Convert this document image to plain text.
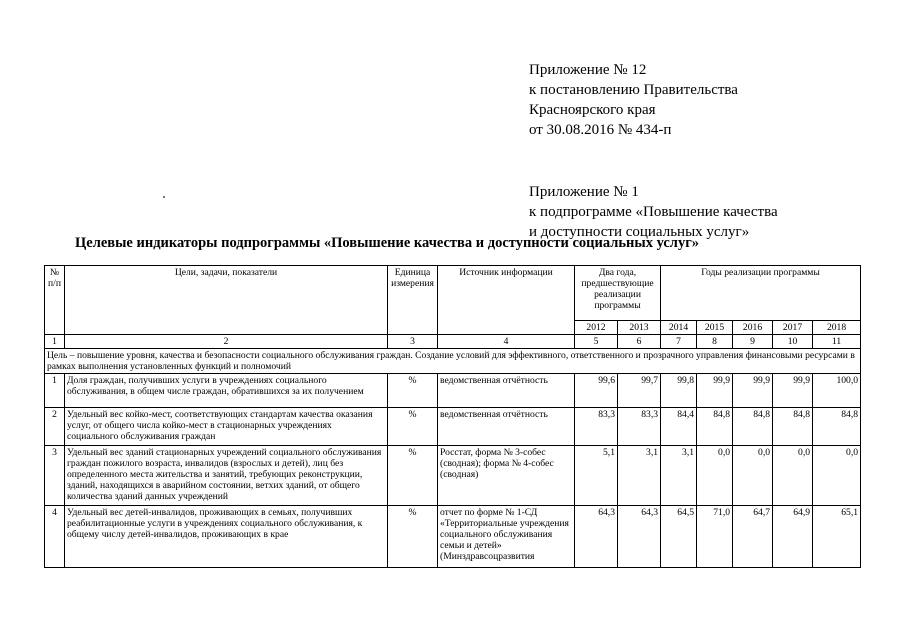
Приложение № 12
к постановлению Правительства
Красноярского края
от 30.08.2016 № 434-п
Приложение № 1
к подпрограмме «Повышение качества
и доступности социальных услуг»
Целевые индикаторы подпрограммы «Повышение качества и доступности социальных услуг»
№ п/п	Цели, задачи, показатели	Единица измерения	Источник информации	Два года, предшествующие реализации программы		Годы реализации программы				
				2012	2013	2014	2015	2016	2017	2018
1	2	3	4	5	6	7	8	9	10	11
Цель – повышение уровня, качества и безопасности социального обслуживания граждан. Создание условий для эффективного, ответственного и прозрачного управления финансовыми ресурсами в рамках выполнения установленных функций и полномочий										
1	Доля граждан, получивших услуги в учреждениях социального обслуживания, в общем числе граждан, обратившихся за их получением	%	ведомственная отчётность	99,6	99,7	99,8	99,9	99,9	99,9	100,0
2	Удельный вес койко-мест, соответствующих стандартам качества оказания услуг, от общего числа койко-мест в стационарных учреждениях социального обслуживания граждан	%	ведомственная отчётность	83,3	83,3	84,4	84,8	84,8	84,8	84,8
3	Удельный вес зданий стационарных учреждений социального обслуживания граждан пожилого возраста, инвалидов (взрослых и детей), лиц без определенного места жительства и занятий, требующих реконструкции, зданий, находящихся в аварийном состоянии, ветхих зданий, от общего количества зданий данных учреждений	%	Росстат, форма № 3-собес (сводная); форма № 4-собес (сводная)	5,1	3,1	3,1	0,0	0,0	0,0	0,0
4	Удельный вес детей-инвалидов, проживающих в семьях, получивших реабилитационные услуги в учреждениях социального обслуживания, к общему числу детей-инвалидов, проживающих в крае	%	отчет по форме № 1-СД «Территориальные учреждения социального обслуживания семьи и детей» (Минздравсоцразвития	64,3	64,3	64,5	71,0	64,7	64,9	65,1
